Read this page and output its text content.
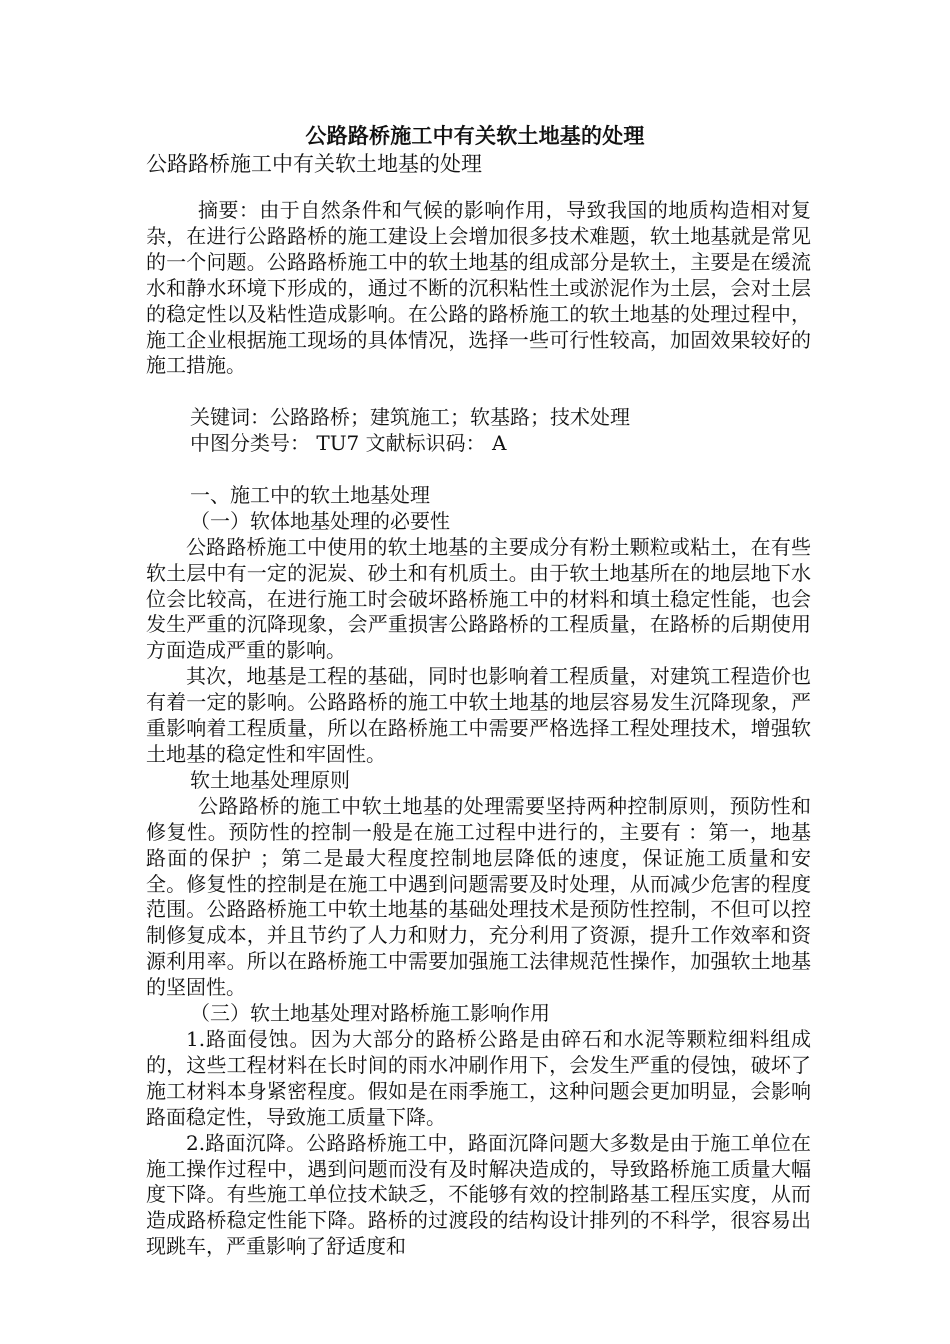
公路路桥施工中有关软土地基的处理
公路路桥施工中有关软土地基的处理

摘要：由于自然条件和气候的影响作用，导致我国的地质构造相对复杂，在进行公路路桥的施工建设上会增加很多技术难题，软土地基就是常见的一个问题。公路路桥施工中的软土地基的组成部分是软土，主要是在缓流水和静水环境下形成的，通过不断的沉积粘性土或淤泥作为土层，会对土层的稳定性以及粘性造成影响。在公路的路桥施工的软土地基的处理过程中，施工企业根据施工现场的具体情况，选择一些可行性较高，加固效果较好的施工措施。

关键词：公路路桥；建筑施工；软基路；技术处理

中图分类号： TU7 文献标识码： A

一、施工中的软土地基处理

（一）软体地基处理的必要性

公路路桥施工中使用的软土地基的主要成分有粉土颗粒或粘土，在有些软土层中有一定的泥炭、砂土和有机质土。由于软土地基所在的地层地下水位会比较高，在进行施工时会破坏路桥施工中的材料和填土稳定性能，也会发生严重的沉降现象，会严重损害公路路桥的工程质量，在路桥的后期使用方面造成严重的影响。

其次，地基是工程的基础，同时也影响着工程质量，对建筑工程造价也有着一定的影响。公路路桥的施工中软土地基的地层容易发生沉降现象，严重影响着工程质量，所以在路桥施工中需要严格选择工程处理技术，增强软土地基的稳定性和牢固性。

软土地基处理原则

公路路桥的施工中软土地基的处理需要坚持两种控制原则，预防性和修复性。预防性的控制一般是在施工过程中进行的，主要有 ：第一，地基路面的保护 ；第二是最大程度控制地层降低的速度，保证施工质量和安全。修复性的控制是在施工中遇到问题需要及时处理，从而减少危害的程度范围。公路路桥施工中软土地基的基础处理技术是预防性控制，不但可以控制修复成本，并且节约了人力和财力，充分利用了资源，提升工作效率和资源利用率。所以在路桥施工中需要加强施工法律规范性操作，加强软土地基的坚固性。

（三）软土地基处理对路桥施工影响作用

1.路面侵蚀。因为大部分的路桥公路是由碎石和水泥等颗粒细料组成的，这些工程材料在长时间的雨水冲刷作用下，会发生严重的侵蚀，破坏了施工材料本身紧密程度。假如是在雨季施工，这种问题会更加明显，会影响路面稳定性，导致施工质量下降。

2.路面沉降。公路路桥施工中，路面沉降问题大多数是由于施工单位在施工操作过程中，遇到问题而没有及时解决造成的，导致路桥施工质量大幅度下降。有些施工单位技术缺乏，不能够有效的控制路基工程压实度，从而造成路桥稳定性能下降。路桥的过渡段的结构设计排列的不科学，很容易出现跳车，严重影响了舒适度和
